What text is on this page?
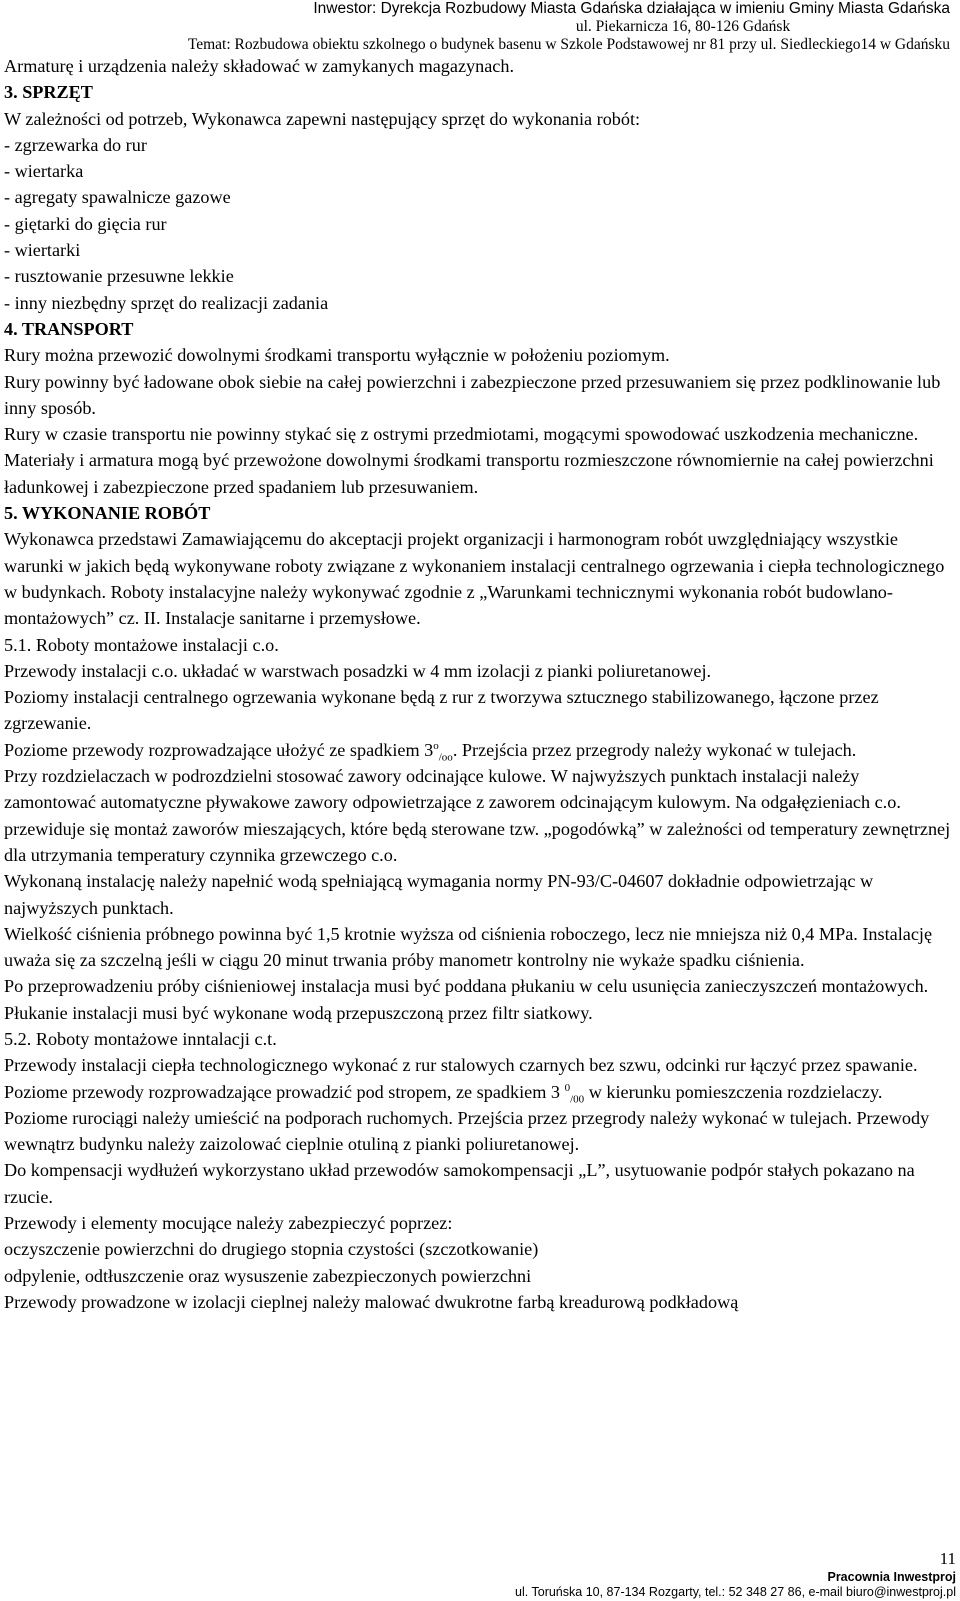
Inwestor: Dyrekcja Rozbudowy Miasta Gdańska działająca w imieniu Gminy Miasta Gdańska
ul. Piekarnicza 16, 80-126 Gdańsk
Temat: Rozbudowa obiektu szkolnego o budynek basenu w Szkole Podstawowej nr 81 przy ul. Siedleckiego14 w Gdańsku

Armaturę i urządzenia należy składować w zamykanych magazynach.

3. SPRZĘT

W zależności od potrzeb, Wykonawca zapewni następujący sprzęt do wykonania robót:

- zgrzewarka do rur

- wiertarka

- agregaty spawalnicze gazowe

- giętarki do gięcia rur

- wiertarki

- rusztowanie przesuwne lekkie

- inny niezbędny sprzęt do realizacji zadania

4. TRANSPORT

Rury można przewozić dowolnymi środkami transportu wyłącznie w położeniu poziomym.

Rury powinny być ładowane obok siebie na całej powierzchni i zabezpieczone przed przesuwaniem się przez podklinowanie lub inny sposób.

Rury w czasie transportu nie powinny stykać się z ostrymi przedmiotami, mogącymi spowodować uszkodzenia mechaniczne.

Materiały i armatura mogą być przewożone dowolnymi środkami transportu rozmieszczone równomiernie na całej powierzchni ładunkowej i zabezpieczone przed spadaniem lub przesuwaniem.

5. WYKONANIE ROBÓT

Wykonawca przedstawi Zamawiającemu do akceptacji projekt organizacji i harmonogram robót uwzględniający wszystkie warunki w jakich będą wykonywane roboty związane z wykonaniem instalacji centralnego ogrzewania i ciepła technologicznego w budynkach. Roboty instalacyjne należy wykonywać zgodnie z „Warunkami technicznymi wykonania robót budowlano-montażowych” cz. II. Instalacje sanitarne i przemysłowe.

5.1. Roboty montażowe instalacji c.o.

Przewody instalacji c.o. układać w warstwach posadzki w 4 mm izolacji z pianki poliuretanowej.

Poziomy instalacji centralnego ogrzewania wykonane będą z rur z tworzywa sztucznego stabilizowanego, łączone przez zgrzewanie.

Poziome przewody rozprowadzające ułożyć ze spadkiem $3^o_{/oo}$. Przejścia przez przegrody należy wykonać w tulejach.

Przy rozdzielaczach w podrozdzielni stosować zawory odcinające kulowe. W najwyższych punktach instalacji należy zamontować automatyczne pływakowe zawory odpowietrzające z zaworem odcinającym kulowym. Na odgałęzieniach c.o. przewiduje się montaż zaworów mieszających, które będą sterowane tzw. „pogodówką” w zależności od temperatury zewnętrznej dla utrzymania temperatury czynnika grzewczego c.o.

Wykonaną instalację należy napełnić wodą spełniającą wymagania normy PN-93/C-04607 dokładnie odpowietrzając w najwyższych punktach.

Wielkość ciśnienia próbnego powinna być 1,5 krotnie wyższa od ciśnienia roboczego, lecz nie mniejsza niż 0,4 MPa. Instalację uważa się za szczelną jeśli w ciągu 20 minut trwania próby manometr kontrolny nie wykaże spadku ciśnienia.

Po przeprowadzeniu próby ciśnieniowej instalacja musi być poddana płukaniu w celu usunięcia zanieczyszczeń montażowych. Płukanie instalacji musi być wykonane wodą przepuszczoną przez filtr siatkowy.

5.2. Roboty montażowe inntalacji c.t.

Przewody instalacji ciepła technologicznego wykonać z rur stalowych czarnych bez szwu, odcinki rur łączyć przez spawanie.

Poziome przewody rozprowadzające prowadzić pod stropem, ze spadkiem 3 $^0_{/00}$ w kierunku pomieszczenia rozdzielaczy.

Poziome rurociągi należy umieścić na podporach ruchomych. Przejścia przez przegrody należy wykonać w tulejach. Przewody wewnątrz budynku należy zaizolować cieplnie otuliną z pianki poliuretanowej.

Do kompensacji wydłużeń wykorzystano układ przewodów samokompensacji „L”, usytuowanie podpór stałych pokazano na rzucie.

Przewody i elementy mocujące należy zabezpieczyć poprzez:

oczyszczenie powierzchni do drugiego stopnia czystości (szczotkowanie)

odpylenie, odtłuszczenie oraz wysuszenie zabezpieczonych powierzchni

Przewody prowadzone w izolacji cieplnej należy malować dwukrotne farbą kreadurową podkładową

11
Pracownia Inwestproj
ul. Toruńska 10, 87-134 Rozgarty, tel.: 52 348 27 86, e-mail biuro@inwestproj.pl
